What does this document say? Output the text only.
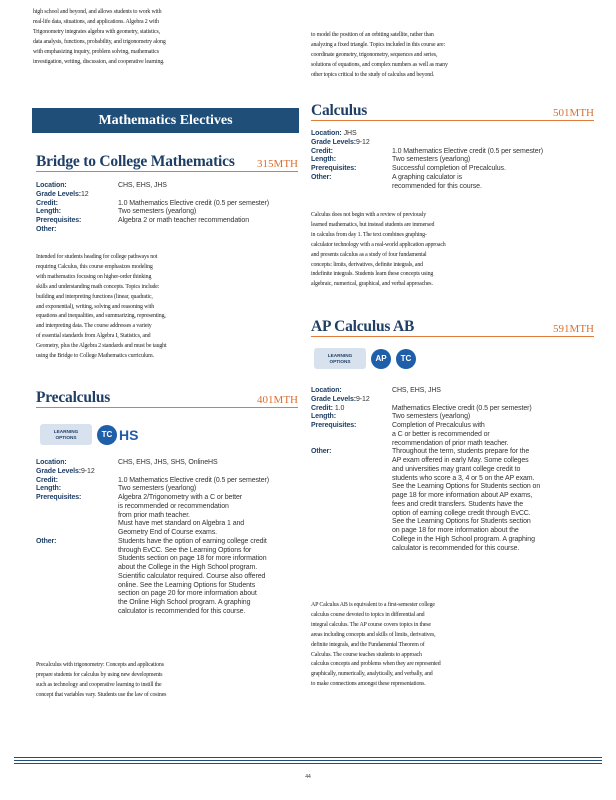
high school and beyond, and allows students to work with
real-life data, situations, and applications. Algebra 2 with
Trigonometry integrates algebra with geometry, statistics,
data analysis, functions, probability, and trigonometry along
with emphasizing inquiry, problem solving, mathematics
investigation, writing, discussion, and cooperative learning.
to model the position of an orbiting satellite, rather than
analyzing a fixed triangle. Topics included in this course are:
coordinate geometry, trigonometry, sequences and series,
solutions of equations, and complex numbers as well as many
other topics critical to the study of calculus and beyond.
Mathematics Electives
Bridge to College Mathematics 315MTH
Location:	CHS, EHS, JHS
Grade Levels: 12
Credit:	1.0 Mathematics Elective credit (0.5 per semester)
Length:	Two semesters (yearlong)
Prerequisites:	Algebra 2 or math teacher recommendation
Other:
Intended for students heading for college pathways not
requiring Calculus, this course emphasizes modeling
with mathematics focusing on higher-order thinking
skills and understanding math concepts. Topics include:
building and interpreting functions (linear, quadratic,
and exponential), writing, solving and reasoning with
equations and inequalities, and summarizing, representing,
and interpreting data. The course addresses a variety
of essential standards from Algebra I, Statistics, and
Geometry, plus the Algebra 2 standards and must be taught
using the Bridge to College Mathematics curriculum.
Precalculus	401MTH
LEARNING
OPTIONS	TC HS
Location:	CHS, EHS, JHS, SHS, OnlineHS
Grade Levels: 9-12
Credit:	1.0 Mathematics Elective credit (0.5 per semester)
Length:	Two semesters (yearlong)
Prerequisites:	Algebra 2/Trigonometry with a C or better
is recommended or recommendation
from prior math teacher.
Must have met standard on Algebra 1 and
Geometry End of Course exams.
Other:	Students have the option of earning college credit
through EvCC. See the Learning Options for
Students section on page 18 for more information
about the College in the High School program.
Scientific calculator required. Course also offered
online. See the Learning Options for Students
section on page 20 for more information about
the Online High School program. A graphing
calculator is recommended for this course.
Precalculus with trigonometry: Concepts and applications
prepare students for calculus by using new developments
such as technology and cooperative learning to instill the
concept that variables vary. Students use the law of cosines
Calculus	501MTH
Location: JHS
Grade Levels: 9-12
Credit:	1.0 Mathematics Elective credit (0.5 per semester)
Length:	Two semesters (yearlong)
Prerequisites:	Successful completion of Precalculus.
Other:	A graphing calculator is
recommended for this course.
Calculus does not begin with a review of previously
learned mathematics, but instead students are immersed
in calculus from day 1. The text combines graphing-
calculator technology with a real-world application approach
and presents calculus as a study of four fundamental
concepts: limits, derivatives, definite integrals, and
indefinite integrals. Students learn these concepts using
algebraic, numerical, graphical, and verbal approaches.
AP Calculus AB	591MTH
LEARNING
OPTIONS	AP	TC
Location:	CHS, EHS, JHS
Grade Levels: 9-12
Credit: 1.0	Mathematics Elective credit (0.5 per semester)
Length:	Two semesters (yearlong)
Prerequisites:	Completion of Precalculus with
a C or better is recommended or
recommendation of prior math teacher.
Other:	Throughout the term, students prepare for the
AP exam offered in early May. Some colleges
and universities may grant college credit to
students who score a 3, 4 or 5 on the AP exam.
See the Learning Options for Students section on
page 18 for more information about AP exams,
fees and credit transfers. Students have the
option of earning college credit through EvCC.
See the Learning Options for Students section
on page 18 for more information about the
College in the High School program. A graphing
calculator is recommended for this course.
AP Calculus AB is equivalent to a first-semester college
calculus course devoted to topics in differential and
integral calculus. The AP course covers topics in these
areas including concepts and skills of limits, derivatives,
definite integrals, and the Fundamental Theorem of
Calculus. The course teaches students to approach
calculus concepts and problems when they are represented
graphically, numerically, analytically, and verbally, and
to make connections amongst these representations.
44
